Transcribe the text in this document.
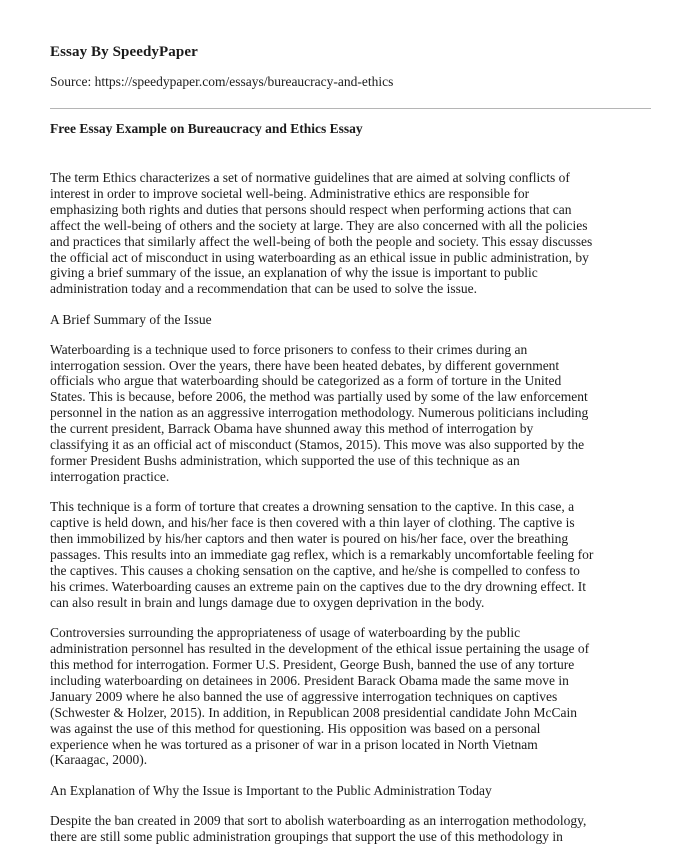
Essay By SpeedyPaper
Source: https://speedypaper.com/essays/bureaucracy-and-ethics
Free Essay Example on Bureaucracy and Ethics Essay

The term Ethics characterizes a set of normative guidelines that are aimed at solving conflicts of
interest in order to improve societal well-being. Administrative ethics are responsible for
emphasizing both rights and duties that persons should respect when performing actions that can
affect the well-being of others and the society at large. They are also concerned with all the policies
and practices that similarly affect the well-being of both the people and society. This essay discusses
the official act of misconduct in using waterboarding as an ethical issue in public administration, by
giving a brief summary of the issue, an explanation of why the issue is important to public
administration today and a recommendation that can be used to solve the issue.

A Brief Summary of the Issue

Waterboarding is a technique used to force prisoners to confess to their crimes during an
interrogation session. Over the years, there have been heated debates, by different government
officials who argue that waterboarding should be categorized as a form of torture in the United
States. This is because, before 2006, the method was partially used by some of the law enforcement
personnel in the nation as an aggressive interrogation methodology. Numerous politicians including
the current president, Barrack Obama have shunned away this method of interrogation by
classifying it as an official act of misconduct (Stamos, 2015). This move was also supported by the
former President Bushs administration, which supported the use of this technique as an
interrogation practice.

This technique is a form of torture that creates a drowning sensation to the captive. In this case, a
captive is held down, and his/her face is then covered with a thin layer of clothing. The captive is
then immobilized by his/her captors and then water is poured on his/her face, over the breathing
passages. This results into an immediate gag reflex, which is a remarkably uncomfortable feeling for
the captives. This causes a choking sensation on the captive, and he/she is compelled to confess to
his crimes. Waterboarding causes an extreme pain on the captives due to the dry drowning effect. It
can also result in brain and lungs damage due to oxygen deprivation in the body.

Controversies surrounding the appropriateness of usage of waterboarding by the public
administration personnel has resulted in the development of the ethical issue pertaining the usage of
this method for interrogation. Former U.S. President, George Bush, banned the use of any torture
including waterboarding on detainees in 2006. President Barack Obama made the same move in
January 2009 where he also banned the use of aggressive interrogation techniques on captives
(Schwester & Holzer, 2015). In addition, in Republican 2008 presidential candidate John McCain
was against the use of this method for questioning. His opposition was based on a personal
experience when he was tortured as a prisoner of war in a prison located in North Vietnam
(Karaagac, 2000).

An Explanation of Why the Issue is Important to the Public Administration Today

Despite the ban created in 2009 that sort to abolish waterboarding as an interrogation methodology,
there are still some public administration groupings that support the use of this methodology in
